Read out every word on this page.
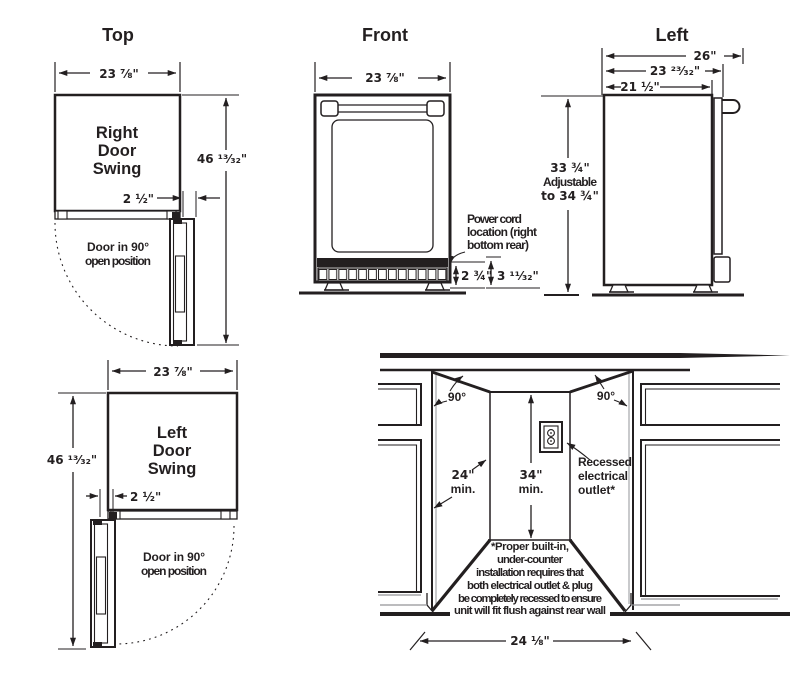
Top
23 ⅞"
Right
Door
Swing
Door in 90°
open position
2 ½"
46 ¹³⁄₃₂"
23 ⅞"
Left
Door
Swing
Door in 90°
open position
2 ½"
46 ¹³⁄₃₂"
Front
23 ⅞"
Power cord
location (right
bottom rear)
2 ¾" 3 ¹¹⁄₃₂"
Left
26"
23 ²³⁄₃₂"
21 ½"
33 ¾"
Adjustable
to 34 ¾"
90°	90°
24"
min.
34"
min.
Recessed
electrical
outlet*
*Proper built-in,
under-counter
installation requires that
both electrical outlet & plug
be completely recessed to ensure
unit will fit flush against rear wall
24 ⅛"
